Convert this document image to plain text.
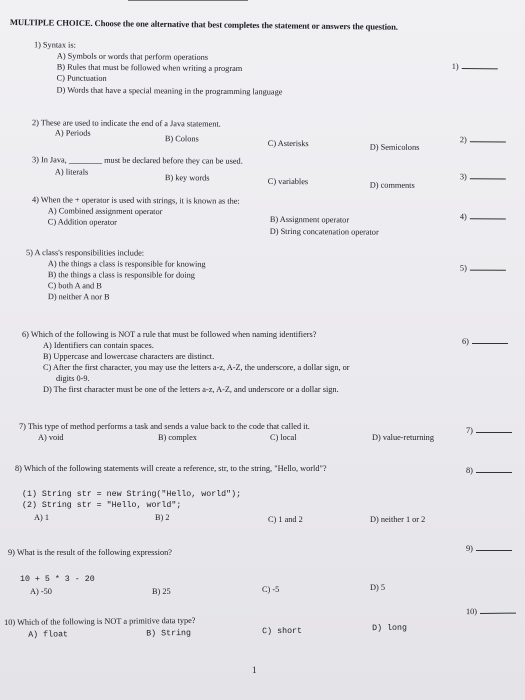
MULTIPLE CHOICE. Choose the one alternative that best completes the statement or answers the question.
1) Syntax is:
A) Symbols or words that perform operations
B) Rules that must be followed when writing a program
C) Punctuation
D) Words that have a special meaning in the programming language
1)
2) These are used to indicate the end of a Java statement.
A) Periods
B) Colons
C) Asterisks	D) Semicolons
2)
3) In Java, ________ must be declared before they can be used.
A) literals
B) key words	C) variables	D) comments
3)
4) When the + operator is used with strings, it is known as the:
A) Combined assignment operator
B) Assignment operator
C) Addition operator
D) String concatenation operator
4)
5) A class's responsibilities include:
A) the things a class is responsible for knowing
B) the things a class is responsible for doing
C) both A and B
D) neither A nor B
5)
6) Which of the following is NOT a rule that must be followed when naming identifiers?
A) Identifiers can contain spaces.
B) Uppercase and lowercase characters are distinct.
C) After the first character, you may use the letters a-z, A-Z, the underscore, a dollar sign, or
digits 0-9.
D) The first character must be one of the letters a-z, A-Z, and underscore or a dollar sign.
6)
7) This type of method performs a task and sends a value back to the code that called it.
A) void	B) complex	C) local	D) value-returning
7)
8) Which of the following statements will create a reference, str, to the string, "Hello, world"?
(1) String str = new String("Hello, world");
(2) String str = "Hello, world";
A) 1	B) 2	C) 1 and 2	D) neither 1 or 2
8)
9) What is the result of the following expression?
10 + 5 * 3 - 20
A) -50	B) 25	C) -5	D) 5
9)
10) Which of the following is NOT a primitive data type?
A) float	B) String	C) short	D) long
10)
1
